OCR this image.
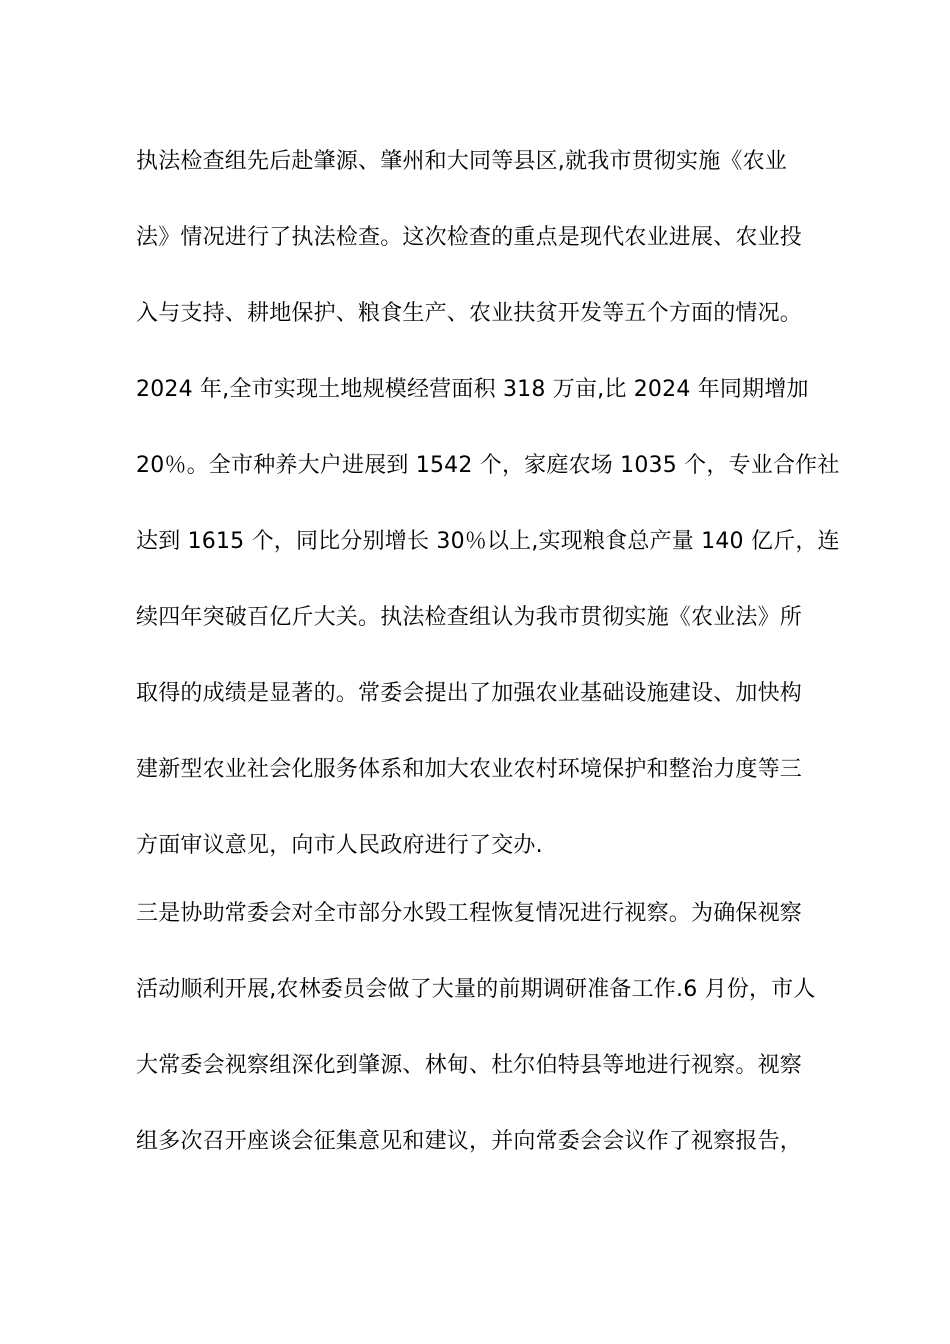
执法检查组先后赴肇源、肇州和大同等县区,就我市贯彻实施《农业
法》情况进行了执法检查。这次检查的重点是现代农业进展、农业投
入与支持、耕地保护、粮食生产、农业扶贫开发等五个方面的情况。
2024 年,全市实现土地规模经营面积 318 万亩,比 2024 年同期增加
20％。全市种养大户进展到 1542 个，家庭农场 1035 个，专业合作社
达到 1615 个，同比分别增长 30％以上,实现粮食总产量 140 亿斤，连
续四年突破百亿斤大关。执法检查组认为我市贯彻实施《农业法》所
取得的成绩是显著的。常委会提出了加强农业基础设施建设、加快构
建新型农业社会化服务体系和加大农业农村环境保护和整治力度等三
方面审议意见，向市人民政府进行了交办.
三是协助常委会对全市部分水毁工程恢复情况进行视察。为确保视察
活动顺利开展,农林委员会做了大量的前期调研准备工作.6 月份，市人
大常委会视察组深化到肇源、林甸、杜尔伯特县等地进行视察。视察
组多次召开座谈会征集意见和建议，并向常委会会议作了视察报告，
